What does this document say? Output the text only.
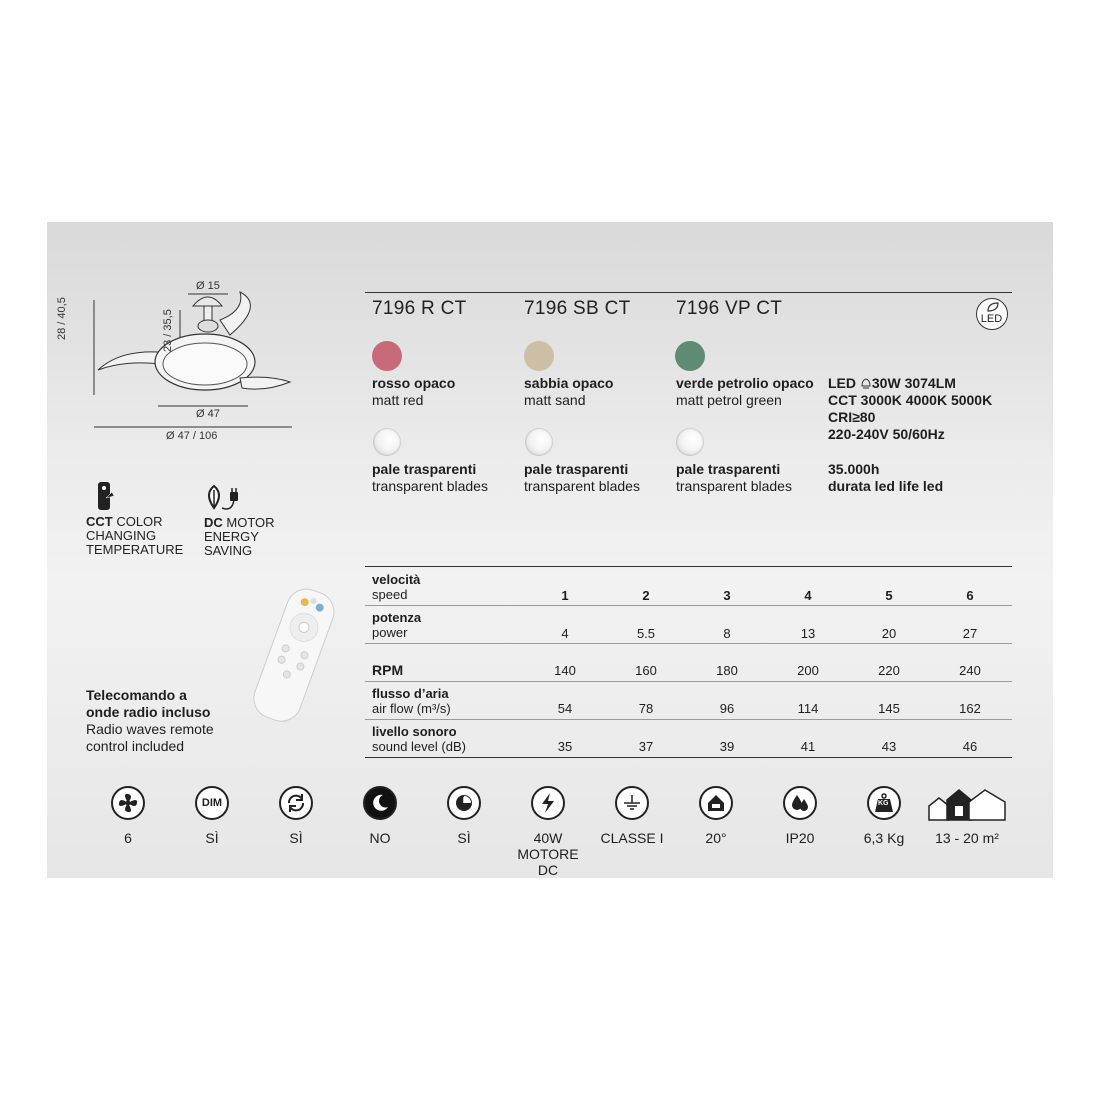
Ø 15
28 / 40,5	23 / 35,5
Ø 47
Ø 47 / 106
CCT COLOR
CHANGING
TEMPERATURE
DC MOTOR
ENERGY
SAVING
7196 R CT	7196 SB CT 7196 VP CT	LED
rosso opaco
matt red
sabbia opaco
matt sand
verde petrolio opaco
matt petrol green
pale trasparenti
transparent blades
pale trasparenti
transparent blades
pale trasparenti
transparent blades
LED 30W 3074LM
CCT 3000K 4000K 5000K
CRI≥80
220-240V 50/60Hz
35.000h
durata led life led
Telecomando a
onde radio incluso
Radio waves remote
control included
velocità
speed	1	2	3	4	5	6
potenza
power	4	5.5	8	13	20	27
RPM	140	160	180	200	220	240
flusso d’aria
air flow (m³/s)	54	78	96	114	145	162
livello sonoro
sound level (dB)	35	37	39	41	43	46
6
DIM
SÌ	SÌ	NO	SÌ	40W MOTORE DC
CLASSE I	20°	IP20
KG
6,3 Kg	13 - 20 m²
